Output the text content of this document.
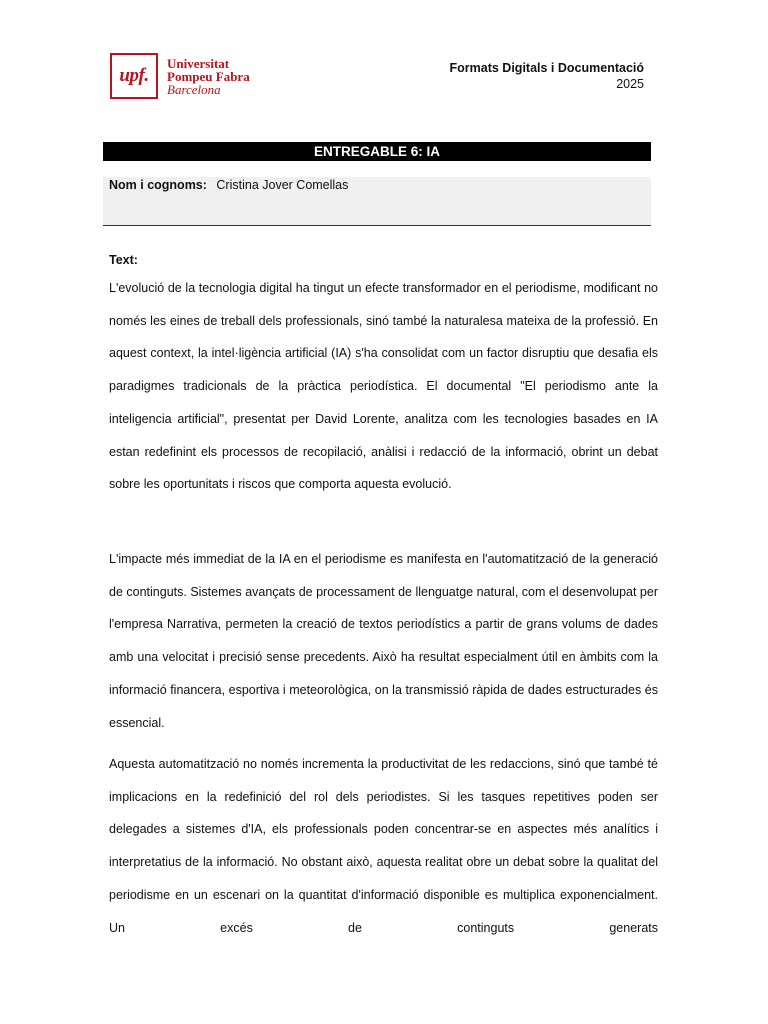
upf.
Universitat
Pompeu Fabra
Barcelona
Formats Digitals i Documentació
2025
ENTREGABLE 6: IA
Nom i cognoms: Cristina Jover Comellas
Text:
L'evolució de la tecnologia digital ha tingut un efecte transformador en el periodisme, modificant no només les eines de treball dels professionals, sinó també la naturalesa mateixa de la professió. En aquest context, la intel·ligència artificial (IA) s'ha consolidat com un factor disruptiu que desafia els paradigmes tradicionals de la pràctica periodística. El documental "El periodismo ante la inteligencia artificial", presentat per David Lorente, analitza com les tecnologies basades en IA estan redefinint els processos de recopilació, anàlisi i redacció de la informació, obrint un debat sobre les oportunitats i riscos que comporta aquesta evolució.
L'impacte més immediat de la IA en el periodisme es manifesta en l'automatització de la generació de continguts. Sistemes avançats de processament de llenguatge natural, com el desenvolupat per l'empresa Narrativa, permeten la creació de textos periodístics a partir de grans volums de dades amb una velocitat i precisió sense precedents. Això ha resultat especialment útil en àmbits com la informació financera, esportiva i meteorològica, on la transmissió ràpida de dades estructurades és essencial.
Aquesta automatització no només incrementa la productivitat de les redaccions, sinó que també té implicacions en la redefinició del rol dels periodistes. Si les tasques repetitives poden ser delegades a sistemes d'IA, els professionals poden concentrar-se en aspectes més analítics i interpretatius de la informació. No obstant això, aquesta realitat obre un debat sobre la qualitat del periodisme en un escenari on la quantitat d'informació disponible es multiplica exponencialment. Un excés de continguts generats
